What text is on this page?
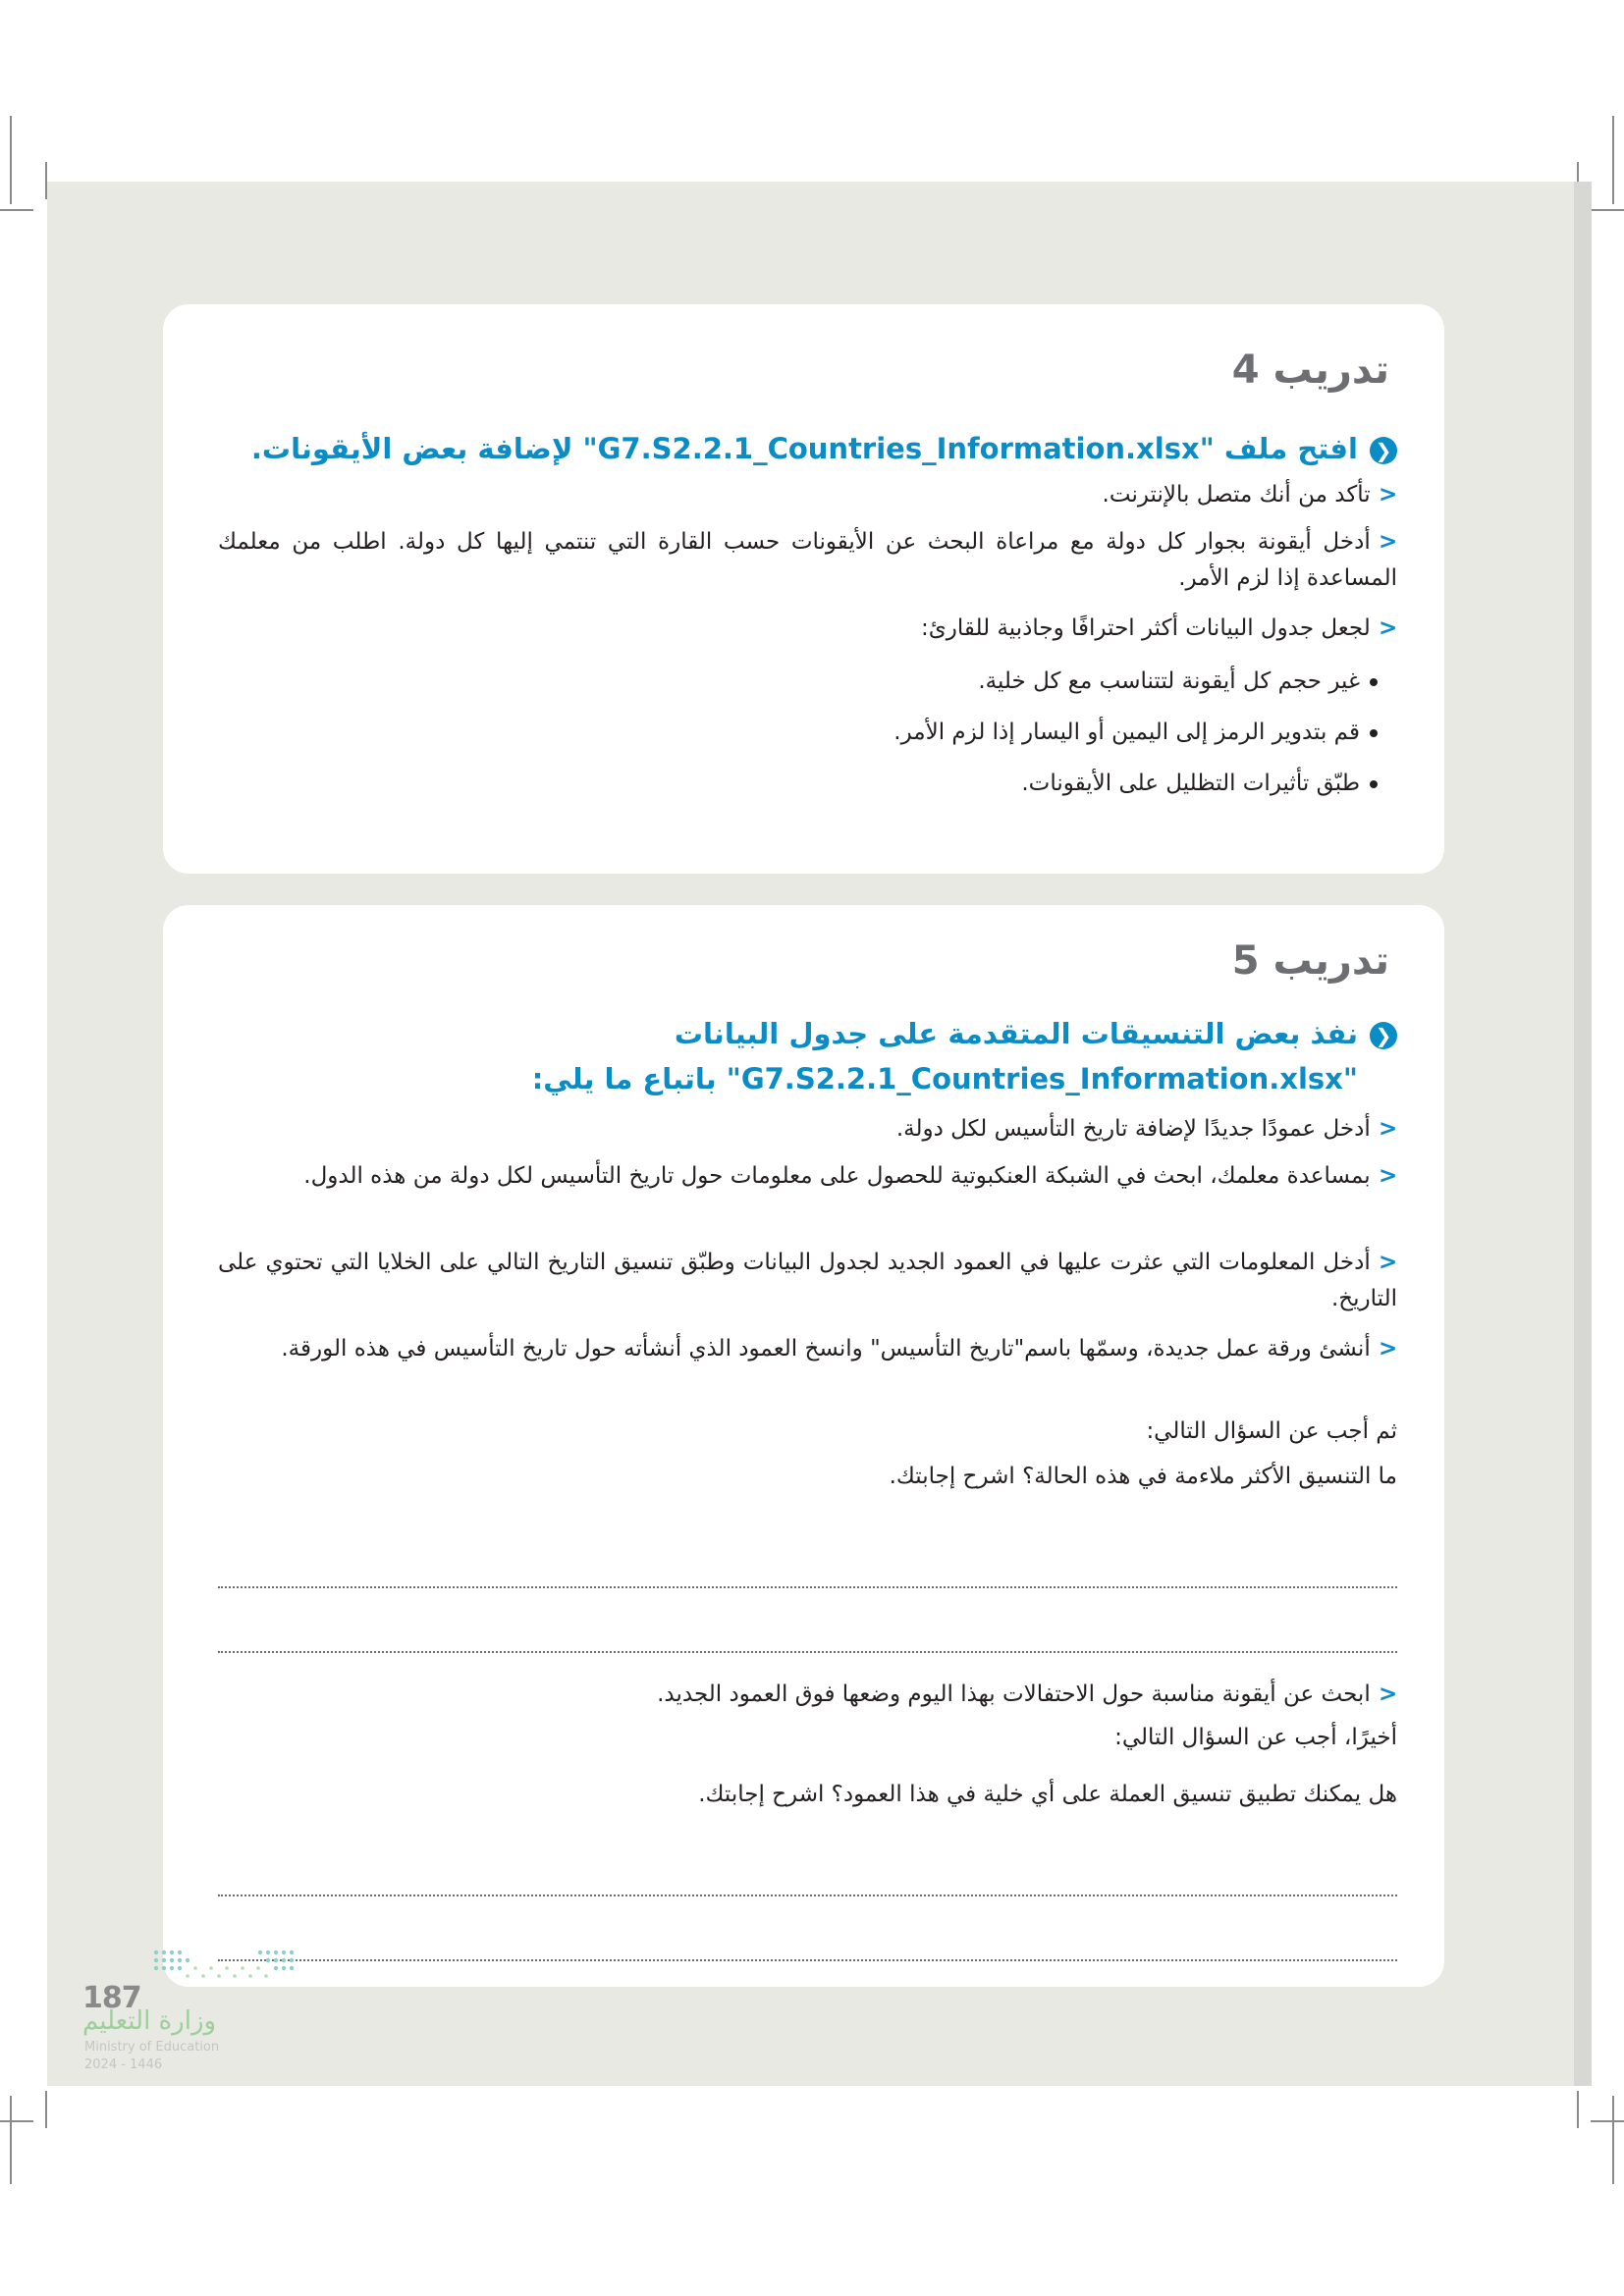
تدريب 4
❮افتح ملف "G7.S2.2.1_Countries_Information.xlsx" لإضافة بعض الأيقونات.
>تأكد من أنك متصل بالإنترنت.
>أدخل أيقونة بجوار كل دولة مع مراعاة البحث عن الأيقونات حسب القارة التي تنتمي إليها كل دولة. اطلب من معلمك المساعدة إذا لزم الأمر.
>لجعل جدول البيانات أكثر احترافًا وجاذبية للقارئ:
غير حجم كل أيقونة لتتناسب مع كل خلية.
قم بتدوير الرمز إلى اليمين أو اليسار إذا لزم الأمر.
طبّق تأثيرات التظليل على الأيقونات.
تدريب 5
❮نفذ بعض التنسيقات المتقدمة على جدول البيانات
"G7.S2.2.1_Countries_Information.xlsx" باتباع ما يلي:
>أدخل عمودًا جديدًا لإضافة تاريخ التأسيس لكل دولة.
>بمساعدة معلمك، ابحث في الشبكة العنكبوتية للحصول على معلومات حول تاريخ التأسيس لكل دولة من هذه الدول.
>أدخل المعلومات التي عثرت عليها في العمود الجديد لجدول البيانات وطبّق تنسيق التاريخ التالي على الخلايا التي تحتوي على التاريخ.
>أنشئ ورقة عمل جديدة، وسمّها باسم"تاريخ التأسيس" وانسخ العمود الذي أنشأته حول تاريخ التأسيس في هذه الورقة.
ثم أجب عن السؤال التالي:
ما التنسيق الأكثر ملاءمة في هذه الحالة؟ اشرح إجابتك.
>ابحث عن أيقونة مناسبة حول الاحتفالات بهذا اليوم وضعها فوق العمود الجديد.
أخيرًا، أجب عن السؤال التالي:
هل يمكنك تطبيق تنسيق العملة على أي خلية في هذا العمود؟ اشرح إجابتك.
187
وزارة التعليم
Ministry of Education
2024 - 1446
